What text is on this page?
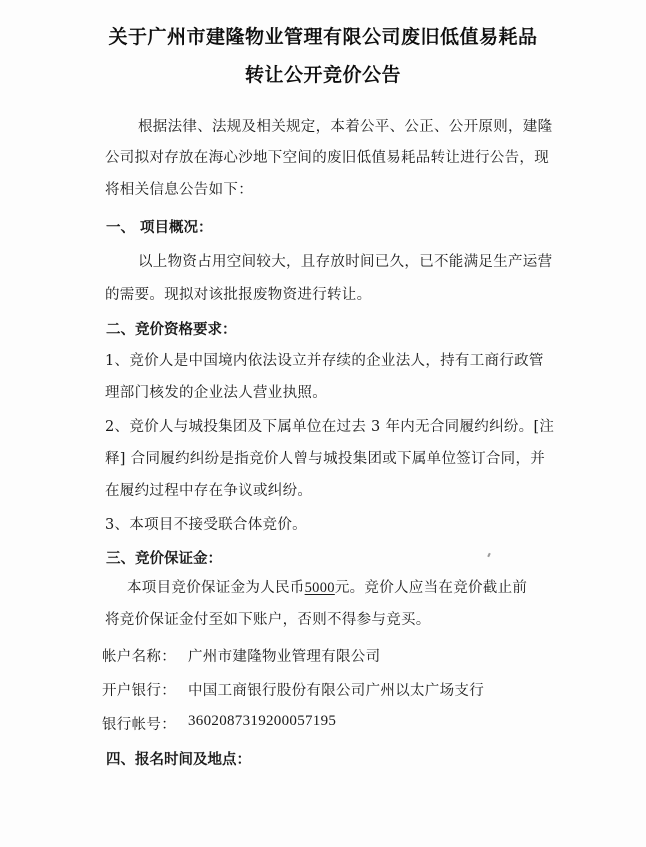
关于广州市建隆物业管理有限公司废旧低值易耗品
转让公开竞价公告
根据法律、法规及相关规定，本着公平、公正、公开原则，建隆
公司拟对存放在海心沙地下空间的废旧低值易耗品转让进行公告，现
将相关信息公告如下：
一、 项目概况：
以上物资占用空间较大，且存放时间已久，已不能满足生产运营
的需要。现拟对该批报废物资进行转让。
二、竞价资格要求：
1、竞价人是中国境内依法设立并存续的企业法人，持有工商行政管
理部门核发的企业法人营业执照。
2、竞价人与城投集团及下属单位在过去 3 年内无合同履约纠纷。[注
释] 合同履约纠纷是指竞价人曾与城投集团或下属单位签订合同，并
在履约过程中存在争议或纠纷。
3、本项目不接受联合体竞价。
三、竞价保证金：
本项目竞价保证金为人民币5000元。竞价人应当在竞价截止前
将竞价保证金付至如下账户，否则不得参与竞买。
帐户名称： 广州市建隆物业管理有限公司
开户银行： 中国工商银行股份有限公司广州以太广场支行
银行帐号： 3602087319200057195
四、报名时间及地点：
